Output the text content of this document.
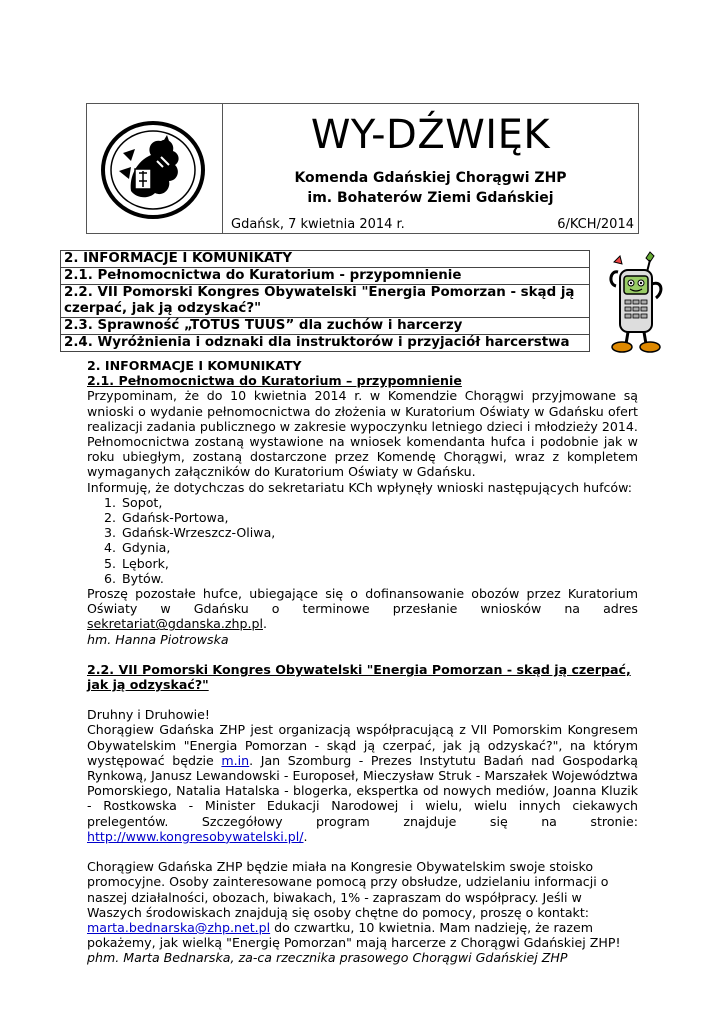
WY-DŹWIĘK
Komenda Gdańskiej Chorągwi ZHP
im. Bohaterów Ziemi Gdańskiej
Gdańsk, 7 kwietnia 2014 r.	6/KCH/2014
2. INFORMACJE I KOMUNIKATY
2.1. Pełnomocnictwa do Kuratorium - przypomnienie
2.2. VII Pomorski Kongres Obywatelski "Energia Pomorzan - skąd ją czerpać, jak ją odzyskać?"
2.3. Sprawność „TOTUS TUUS” dla zuchów i harcerzy
2.4. Wyróżnienia i odznaki dla instruktorów i przyjaciół harcerstwa

2. INFORMACJE I KOMUNIKATY

2.1. Pełnomocnictwa do Kuratorium – przypomnienie

Przypominam, że do 10 kwietnia 2014 r. w Komendzie Chorągwi przyjmowane są wnioski o wydanie pełnomocnictwa do złożenia w Kuratorium Oświaty w Gdańsku ofert realizacji zadania publicznego w zakresie wypoczynku letniego dzieci i młodzieży 2014.

Pełnomocnictwa zostaną wystawione na wniosek komendanta hufca i podobnie jak w roku ubiegłym, zostaną dostarczone przez Komendę Chorągwi, wraz z kompletem wymaganych załączników do Kuratorium Oświaty w Gdańsku.

Informuję, że dotychczas do sekretariatu KCh wpłynęły wnioski następujących hufców:

1. Sopot,
2. Gdańsk-Portowa,
3. Gdańsk-Wrzeszcz-Oliwa,
4. Gdynia,
5. Lębork,
6. Bytów.

Proszę pozostałe hufce, ubiegające się o dofinansowanie obozów przez Kuratorium Oświaty w Gdańsku o terminowe przesłanie wniosków na adres sekretariat@gdanska.zhp.pl.

hm. Hanna Piotrowska

2.2. VII Pomorski Kongres Obywatelski "Energia Pomorzan - skąd ją czerpać, jak ją odzyskać?"

Druhny i Druhowie!

Chorągiew Gdańska ZHP jest organizacją współpracującą z VII Pomorskim Kongresem Obywatelskim "Energia Pomorzan - skąd ją czerpać, jak ją odzyskać?", na którym występować będzie m.in. Jan Szomburg - Prezes Instytutu Badań nad Gospodarką Rynkową, Janusz Lewandowski - Europoseł, Mieczysław Struk - Marszałek Województwa Pomorskiego, Natalia Hatalska - blogerka, ekspertka od nowych mediów, Joanna Kluzik - Rostkowska - Minister Edukacji Narodowej i wielu, wielu innych ciekawych prelegentów. Szczegółowy program znajduje się na stronie: http://www.kongresobywatelski.pl/.

Chorągiew Gdańska ZHP będzie miała na Kongresie Obywatelskim swoje stoisko promocyjne. Osoby zainteresowane pomocą przy obsłudze, udzielaniu informacji o naszej działalności, obozach, biwakach, 1% - zapraszam do współpracy. Jeśli w Waszych środowiskach znajdują się osoby chętne do pomocy, proszę o kontakt: marta.bednarska@zhp.net.pl do czwartku, 10 kwietnia. Mam nadzieję, że razem pokażemy, jak wielką "Energię Pomorzan" mają harcerze z Chorągwi Gdańskiej ZHP!

phm. Marta Bednarska, za-ca rzecznika prasowego Chorągwi Gdańskiej ZHP
